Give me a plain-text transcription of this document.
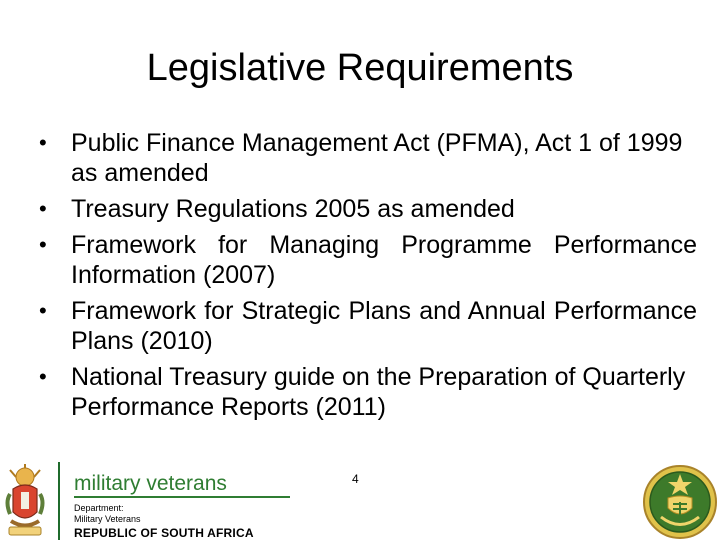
Legislative Requirements
• Public Finance Management Act (PFMA), Act 1 of 1999 as amended
• Treasury Regulations 2005 as amended
• Framework for Managing Programme Performance Information (2007)
• Framework for Strategic Plans and Annual Performance Plans (2010)
• National Treasury guide on the Preparation of Quarterly Performance Reports (2011)
military veterans
Department:
Military Veterans
REPUBLIC OF SOUTH AFRICA
4
